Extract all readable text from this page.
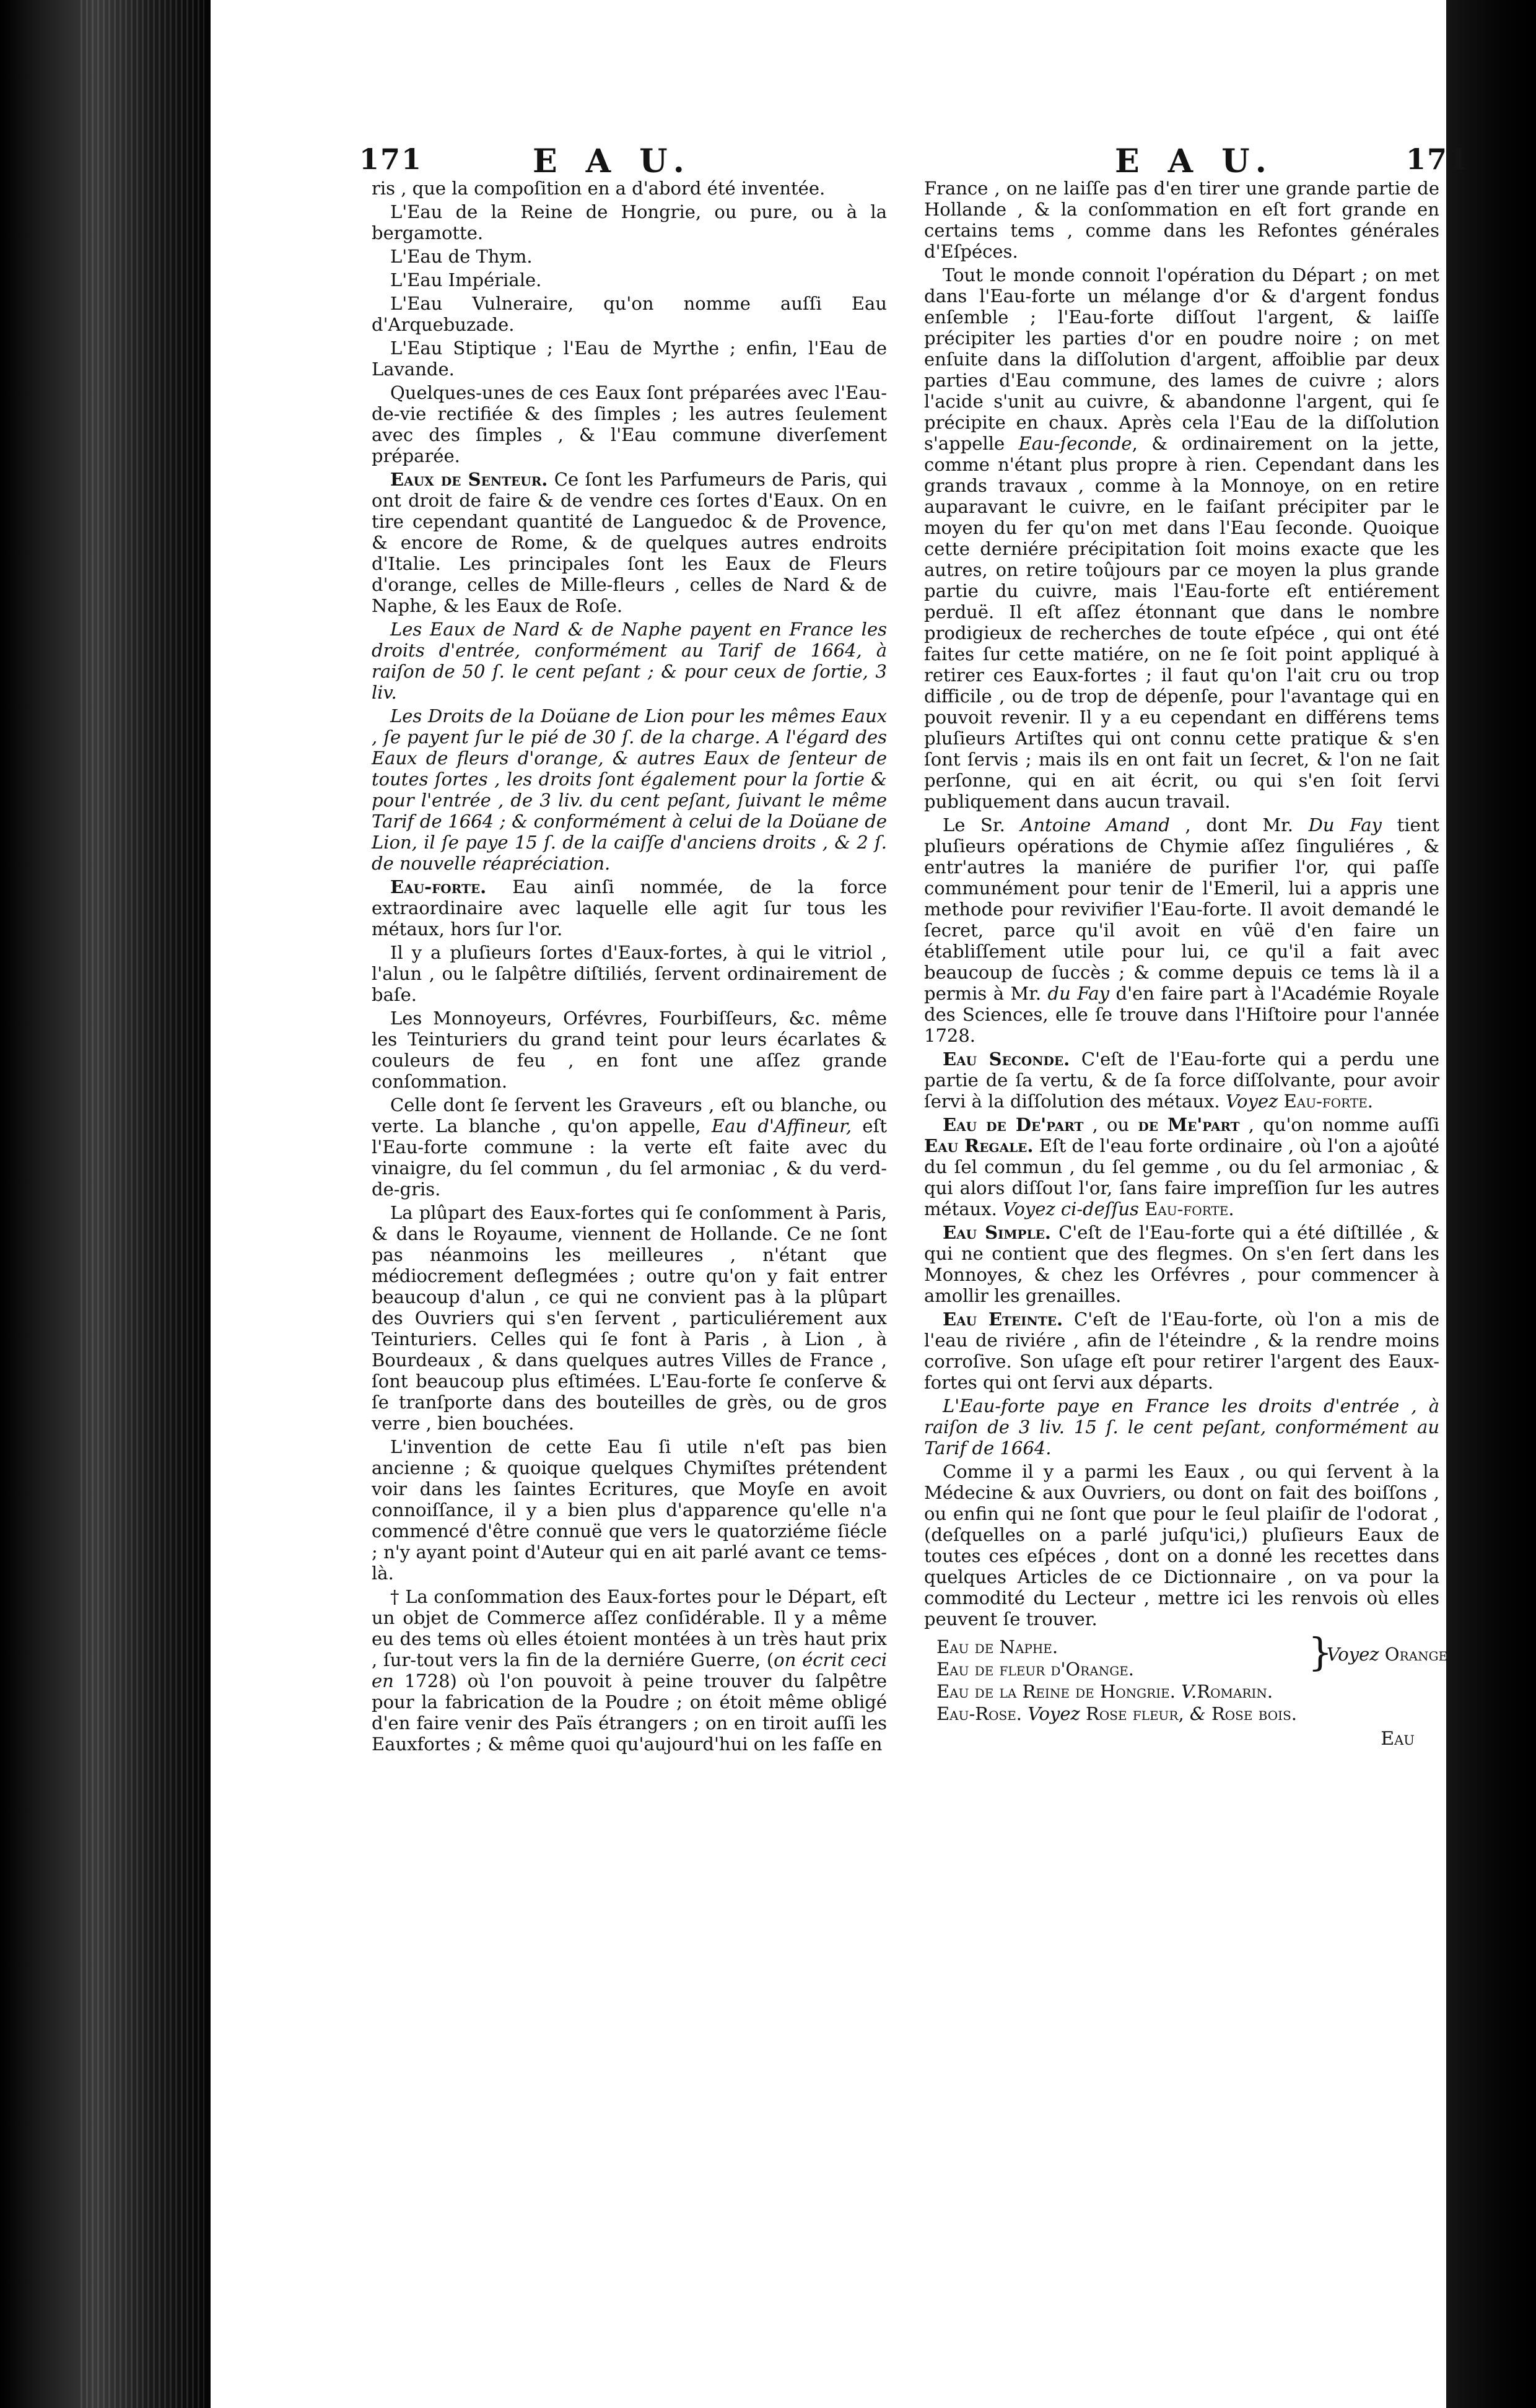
171	E A U.	E A U.	171

ris , que la compoſition en a d'abord été inventée.

L'Eau de la Reine de Hongrie, ou pure, ou à la bergamotte.

L'Eau de Thym.

L'Eau Impériale.

L'Eau Vulneraire, qu'on nomme auſſi Eau d'Arquebuzade.

L'Eau Stiptique ; l'Eau de Myrthe ; enfin, l'Eau de Lavande.

Quelques-unes de ces Eaux ſont préparées avec l'Eau-de-vie rectifiée & des ſimples ; les autres ſeulement avec des ſimples , & l'Eau commune diverſement préparée.

Eaux de Senteur. Ce ſont les Parfumeurs de Paris, qui ont droit de faire & de vendre ces ſortes d'Eaux. On en tire cependant quantité de Languedoc & de Provence, & encore de Rome, & de quelques autres endroits d'Italie. Les principales ſont les Eaux de Fleurs d'orange, celles de Mille-fleurs , celles de Nard & de Naphe, & les Eaux de Roſe.

Les Eaux de Nard & de Naphe payent en France les droits d'entrée, conformément au Tarif de 1664, à raiſon de 50 ſ. le cent peſant ; & pour ceux de ſortie, 3 liv.

Les Droits de la Doüane de Lion pour les mêmes Eaux , ſe payent ſur le pié de 30 ſ. de la charge. A l'égard des Eaux de fleurs d'orange, & autres Eaux de ſenteur de toutes ſortes , les droits ſont également pour la ſortie & pour l'entrée , de 3 liv. du cent peſant, ſuivant le même Tarif de 1664 ; & conformément à celui de la Doüane de Lion, il ſe paye 15 ſ. de la caiſſe d'anciens droits , & 2 ſ. de nouvelle réapréciation.

Eau-forte. Eau ainſi nommée, de la force extraordinaire avec laquelle elle agit ſur tous les métaux, hors ſur l'or.

Il y a pluſieurs ſortes d'Eaux-fortes, à qui le vitriol , l'alun , ou le ſalpêtre diſtiliés, ſervent ordinairement de baſe.

Les Monnoyeurs, Orfévres, Fourbiſſeurs, &c. même les Teinturiers du grand teint pour leurs écarlates & couleurs de feu , en font une aſſez grande conſommation.

Celle dont ſe ſervent les Graveurs , eſt ou blanche, ou verte. La blanche , qu'on appelle, Eau d'Affineur, eſt l'Eau-forte commune : la verte eſt faite avec du vinaigre, du ſel commun , du ſel armoniac , & du verd-de-gris.

La plûpart des Eaux-fortes qui ſe conſomment à Paris, & dans le Royaume, viennent de Hollande. Ce ne ſont pas néanmoins les meilleures , n'étant que médiocrement deſlegmées ; outre qu'on y fait entrer beaucoup d'alun , ce qui ne convient pas à la plûpart des Ouvriers qui s'en ſervent , particuliérement aux Teinturiers. Celles qui ſe font à Paris , à Lion , à Bourdeaux , & dans quelques autres Villes de France , ſont beaucoup plus eſtimées. L'Eau-forte ſe conſerve & ſe tranſporte dans des bouteilles de grès, ou de gros verre , bien bouchées.

L'invention de cette Eau ſi utile n'eſt pas bien ancienne ; & quoique quelques Chymiſtes prétendent voir dans les ſaintes Ecritures, que Moyſe en avoit connoiſſance, il y a bien plus d'apparence qu'elle n'a commencé d'être connuë que vers le quatorziéme ſiécle ; n'y ayant point d'Auteur qui en ait parlé avant ce tems-là.

† La conſommation des Eaux-fortes pour le Départ, eſt un objet de Commerce aſſez conſidérable. Il y a même eu des tems où elles étoient montées à un très haut prix , ſur-tout vers la fin de la derniére Guerre, (on écrit ceci en 1728) où l'on pouvoit à peine trouver du ſalpêtre pour la fabrication de la Poudre ; on étoit même obligé d'en faire venir des Païs étrangers ; on en tiroit auſſi les Eauxfortes ; & même quoi qu'aujourd'hui on les faſſe en

France , on ne laiſſe pas d'en tirer une grande partie de Hollande , & la conſommation en eſt fort grande en certains tems , comme dans les Refontes générales d'Eſpéces.

Tout le monde connoit l'opération du Départ ; on met dans l'Eau-forte un mélange d'or & d'argent fondus enſemble ; l'Eau-forte diſſout l'argent, & laiſſe précipiter les parties d'or en poudre noire ; on met enſuite dans la diſſolution d'argent, affoiblie par deux parties d'Eau commune, des lames de cuivre ; alors l'acide s'unit au cuivre, & abandonne l'argent, qui ſe précipite en chaux. Après cela l'Eau de la diſſolution s'appelle Eau-ſeconde, & ordinairement on la jette, comme n'étant plus propre à rien. Cependant dans les grands travaux , comme à la Monnoye, on en retire auparavant le cuivre, en le faiſant précipiter par le moyen du fer qu'on met dans l'Eau ſeconde. Quoique cette derniére précipitation ſoit moins exacte que les autres, on retire toûjours par ce moyen la plus grande partie du cuivre, mais l'Eau-forte eſt entiérement perduë. Il eſt aſſez étonnant que dans le nombre prodigieux de recherches de toute eſpéce , qui ont été faites ſur cette matiére, on ne ſe ſoit point appliqué à retirer ces Eaux-fortes ; il faut qu'on l'ait cru ou trop difficile , ou de trop de dépenſe, pour l'avantage qui en pouvoit revenir. Il y a eu cependant en différens tems pluſieurs Artiſtes qui ont connu cette pratique & s'en ſont ſervis ; mais ils en ont fait un ſecret, & l'on ne ſait perſonne, qui en ait écrit, ou qui s'en ſoit ſervi publiquement dans aucun travail.

Le Sr. Antoine Amand , dont Mr. Du Fay tient pluſieurs opérations de Chymie aſſez ſinguliéres , & entr'autres la maniére de purifier l'or, qui paſſe communément pour tenir de l'Emeril, lui a appris une methode pour revivifier l'Eau-forte. Il avoit demandé le ſecret, parce qu'il avoit en vûë d'en faire un établiſſement utile pour lui, ce qu'il a fait avec beaucoup de ſuccès ; & comme depuis ce tems là il a permis à Mr. du Fay d'en faire part à l'Académie Royale des Sciences, elle ſe trouve dans l'Hiſtoire pour l'année 1728.

Eau Seconde. C'eſt de l'Eau-forte qui a perdu une partie de ſa vertu, & de ſa force diſſolvante, pour avoir ſervi à la diſſolution des métaux. Voyez Eau-forte.

Eau de De'part , ou de Me'part , qu'on nomme auſſi Eau Regale. Eſt de l'eau forte ordinaire , où l'on a ajoûté du ſel commun , du ſel gemme , ou du ſel armoniac , & qui alors diſſout l'or, ſans faire impreſſion ſur les autres métaux. Voyez ci-deſſus Eau-forte.

Eau Simple. C'eſt de l'Eau-forte qui a été diſtillée , & qui ne contient que des flegmes. On s'en ſert dans les Monnoyes, & chez les Orfévres , pour commencer à amollir les grenailles.

Eau Eteinte. C'eſt de l'Eau-forte, où l'on a mis de l'eau de riviére , afin de l'éteindre , & la rendre moins corroſive. Son uſage eſt pour retirer l'argent des Eaux-fortes qui ont ſervi aux départs.

L'Eau-forte paye en France les droits d'entrée , à raiſon de 3 liv. 15 ſ. le cent peſant, conformément au Tarif de 1664.

Comme il y a parmi les Eaux , ou qui ſervent à la Médecine & aux Ouvriers, ou dont on fait des boiſſons , ou enfin qui ne ſont que pour le ſeul plaiſir de l'odorat , (deſquelles on a parlé juſqu'ici,) pluſieurs Eaux de toutes ces eſpéces , dont on a donné les recettes dans quelques Articles de ce Dictionnaire , on va pour la commodité du Lecteur , mettre ici les renvois où elles peuvent ſe trouver.

Eau de Naphe.	}
Voyez Orange.
Eau de fleur d'Orange.
Eau de la Reine de Hongrie. V.Romarin.
Eau-Rose. Voyez Rose fleur, & Rose bois.
Eau
